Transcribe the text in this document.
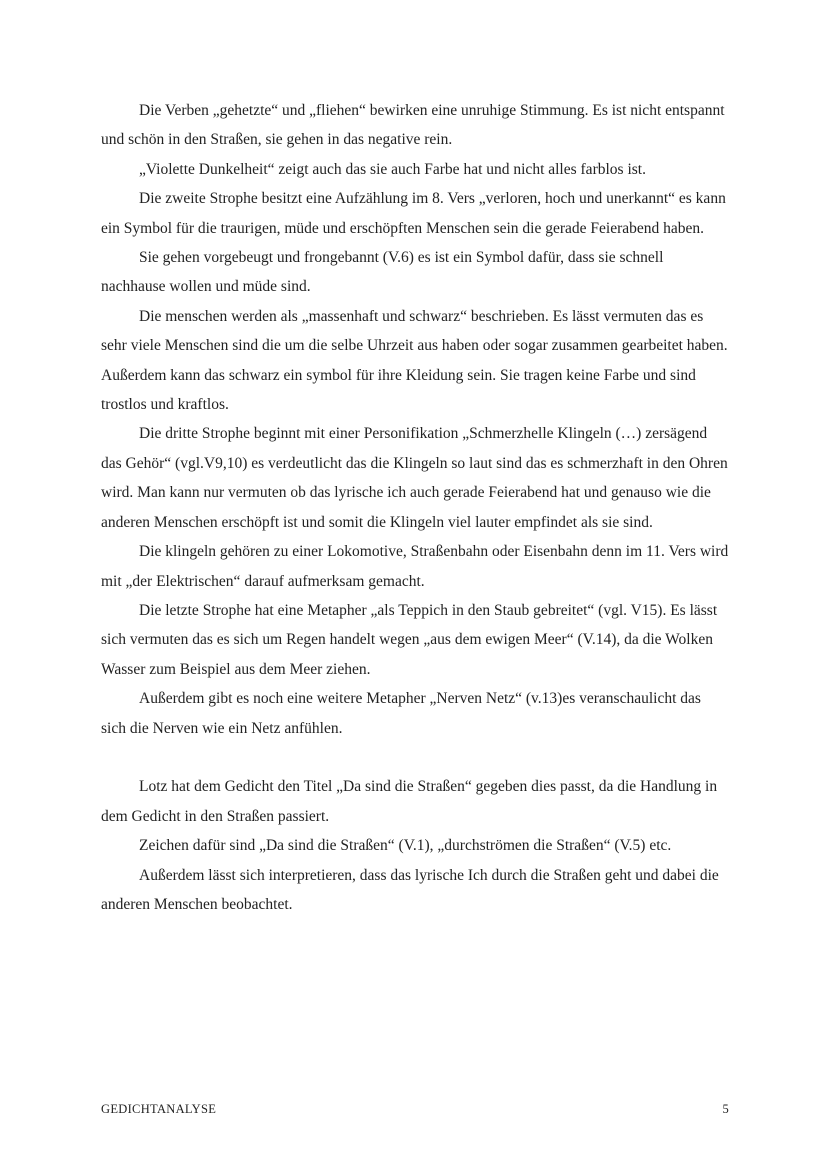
Die Verben „gehetzte“ und „fliehen“ bewirken eine unruhige Stimmung. Es ist nicht entspannt und schön in den Straßen, sie gehen in das negative rein.

„Violette Dunkelheit“ zeigt auch das sie auch Farbe hat und nicht alles farblos ist.

Die zweite Strophe besitzt eine Aufzählung im 8. Vers „verloren, hoch und unerkannt“ es kann ein Symbol für die traurigen, müde und erschöpften Menschen sein die gerade Feierabend haben.

Sie gehen vorgebeugt und frongebannt (V.6) es ist ein Symbol dafür, dass sie schnell nachhause wollen und müde sind.

Die menschen werden als „massenhaft und schwarz“ beschrieben. Es lässt vermuten das es sehr viele Menschen sind die um die selbe Uhrzeit aus haben oder sogar zusammen gearbeitet haben. Außerdem kann das schwarz ein symbol für ihre Kleidung sein. Sie tragen keine Farbe und sind trostlos und kraftlos.

Die dritte Strophe beginnt mit einer Personifikation „Schmerzhelle Klingeln (…) zersägend das Gehör“ (vgl.V9,10) es verdeutlicht das die Klingeln so laut sind das es schmerzhaft in den Ohren wird. Man kann nur vermuten ob das lyrische ich auch gerade Feierabend hat und genauso wie die anderen Menschen erschöpft ist und somit die Klingeln viel lauter empfindet als sie sind.

Die klingeln gehören zu einer Lokomotive, Straßenbahn oder Eisenbahn denn im 11. Vers wird mit „der Elektrischen“ darauf aufmerksam gemacht.

Die letzte Strophe hat eine Metapher „als Teppich in den Staub gebreitet“ (vgl. V15). Es lässt sich vermuten das es sich um Regen handelt wegen „aus dem ewigen Meer“ (V.14), da die Wolken Wasser zum Beispiel aus dem Meer ziehen.

Außerdem gibt es noch eine weitere Metapher „Nerven Netz“ (v.13)es veranschaulicht das sich die Nerven wie ein Netz anfühlen.

Lotz hat dem Gedicht den Titel „Da sind die Straßen“ gegeben dies passt, da die Handlung in dem Gedicht in den Straßen passiert.

Zeichen dafür sind „Da sind die Straßen“ (V.1), „durchströmen die Straßen“ (V.5) etc.

Außerdem lässt sich interpretieren, dass das lyrische Ich durch die Straßen geht und dabei die anderen Menschen beobachtet.

GEDICHTANALYSE	5
